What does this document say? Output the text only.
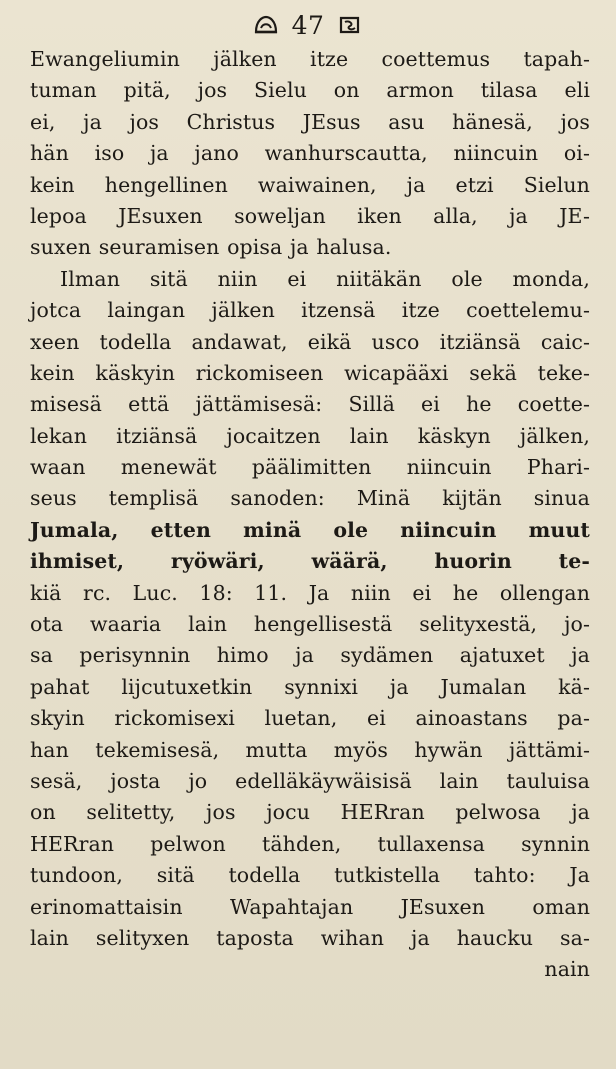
47
Ewangeliumin jälken itze coettemus tapah-
tuman pitä, jos Sielu on armon tilasa eli
ei, ja jos Christus JEsus asu hänesä, jos
hän iso ja jano wanhurscautta, niincuin oi-
kein hengellinen waiwainen, ja etzi Sielun
lepoa JEsuxen soweljan iken alla, ja JE-
suxen seuramisen opisa ja halusa.
Ilman sitä niin ei niitäkän ole monda,
jotca laingan jälken itzensä itze coettelemu-
xeen todella andawat, eikä usco itziänsä caic-
kein käskyin rickomiseen wicapääxi sekä teke-
misesä että jättämisesä: Sillä ei he coette-
lekan itziänsä jocaitzen lain käskyn jälken,
waan menewät päälimitten niincuin Phari-
seus templisä sanoden: Minä kijtän sinua
Jumala, etten minä ole niincuin muut
ihmiset, ryöwäri, wäärä, huorin te-
kiä rc. Luc. 18: 11. Ja niin ei he ollengan
ota waaria lain hengellisestä selityxestä, jo-
sa perisynnin himo ja sydämen ajatuxet ja
pahat lijcutuxetkin synnixi ja Jumalan kä-
skyin rickomisexi luetan, ei ainoastans pa-
han tekemisesä, mutta myös hywän jättämi-
sesä, josta jo edelläkäywäisisä lain tauluisa
on selitetty, jos jocu HERran pelwosa ja
HERran pelwon tähden, tullaxensa synnin
tundoon, sitä todella tutkistella tahto: Ja
erinomattaisin Wapahtajan JEsuxen oman
lain selityxen taposta wihan ja haucku sa-
nain
